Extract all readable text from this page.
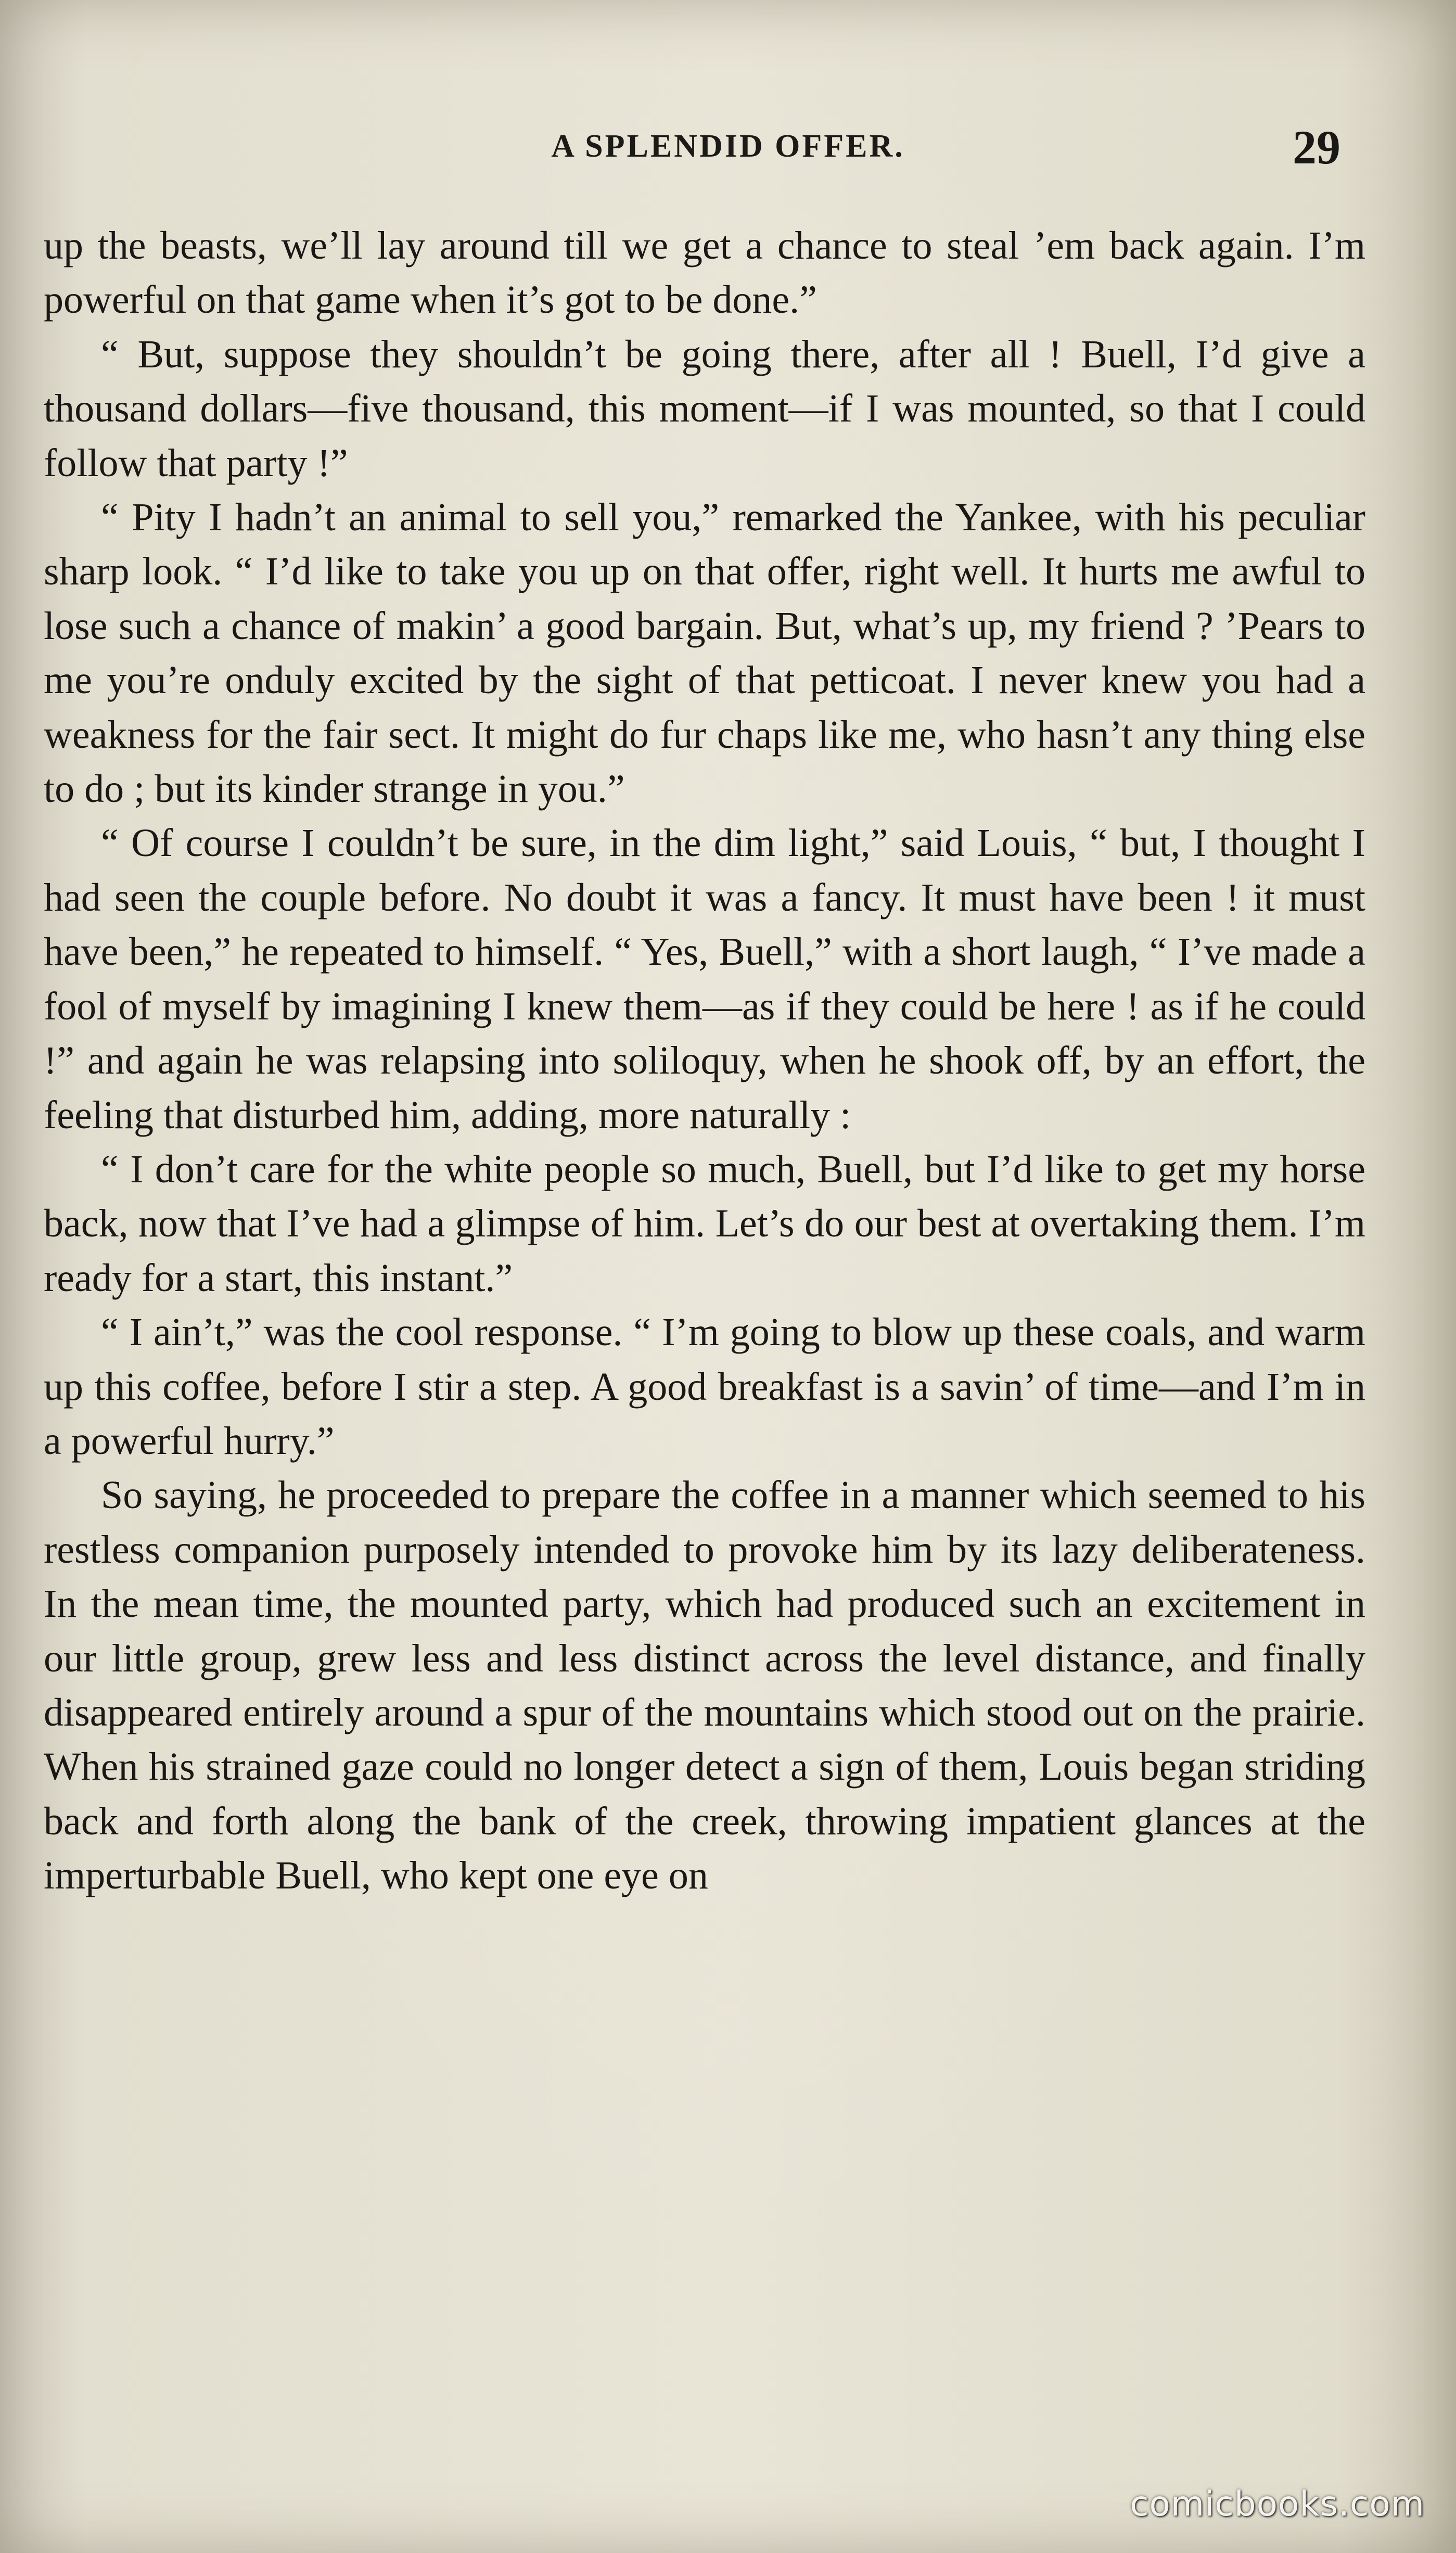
A SPLENDID OFFER.	29

up the beasts, we’ll lay around till we get a chance to steal ’em back again. I’m powerful on that game when it’s got to be done.”

“ But, suppose they shouldn’t be going there, after all ! Buell, I’d give a thousand dollars—five thousand, this moment—if I was mounted, so that I could follow that party !”

“ Pity I hadn’t an animal to sell you,” remarked the Yankee, with his peculiar sharp look. “ I’d like to take you up on that offer, right well. It hurts me awful to lose such a chance of makin’ a good bargain. But, what’s up, my friend ? ’Pears to me you’re onduly excited by the sight of that petticoat. I never knew you had a weakness for the fair sect. It might do fur chaps like me, who hasn’t any thing else to do ; but its kinder strange in you.”

“ Of course I couldn’t be sure, in the dim light,” said Louis, “ but, I thought I had seen the couple before. No doubt it was a fancy. It must have been ! it must have been,” he repeated to himself. “ Yes, Buell,” with a short laugh, “ I’ve made a fool of myself by imagining I knew them—as if they could be here ! as if he could !” and again he was relapsing into soliloquy, when he shook off, by an effort, the feeling that disturbed him, adding, more naturally :

“ I don’t care for the white people so much, Buell, but I’d like to get my horse back, now that I’ve had a glimpse of him. Let’s do our best at overtaking them. I’m ready for a start, this instant.”

“ I ain’t,” was the cool response. “ I’m going to blow up these coals, and warm up this coffee, before I stir a step. A good breakfast is a savin’ of time—and I’m in a powerful hurry.”

So saying, he proceeded to prepare the coffee in a manner which seemed to his restless companion purposely intended to provoke him by its lazy deliberateness. In the mean time, the mounted party, which had produced such an excitement in our little group, grew less and less distinct across the level distance, and finally disappeared entirely around a spur of the mountains which stood out on the prairie. When his strained gaze could no longer detect a sign of them, Louis began striding back and forth along the bank of the creek, throwing impatient glances at the imperturbable Buell, who kept one eye on

comicbooks.com
